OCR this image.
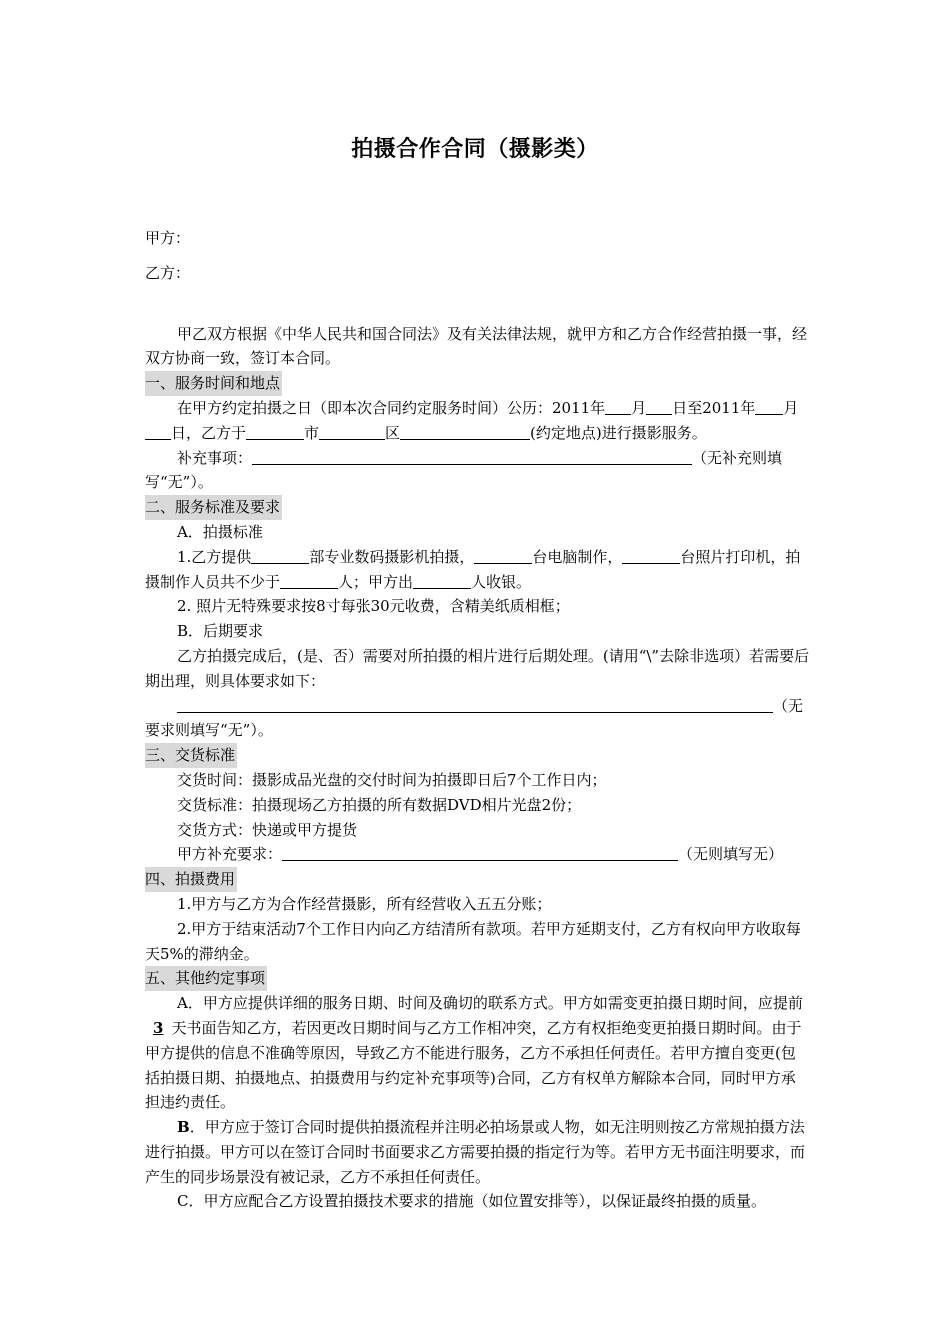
拍摄合作合同（摄影类）

甲方：

乙方：

甲乙双方根据《中华人民共和国合同法》及有关法律法规，就甲方和乙方合作经营拍摄一事，经双方协商一致，签订本合同。

一、服务时间和地点

在甲方约定拍摄之日（即本次合同约定服务时间）公历：2011年 月 日至2011年 月日，乙方于	市	区	(约定地点)进行摄影服务。

补充事项：	（无补充则填写“无”）。

二、服务标准及要求

A．拍摄标准

1.乙方提供	部专业数码摄影机拍摄，	台电脑制作，	台照片打印机，拍摄制作人员共不少于	人；甲方出	人收银。

2. 照片无特殊要求按8寸每张30元收费，含精美纸质相框；

B．后期要求

乙方拍摄完成后，(是、否）需要对所拍摄的相片进行后期处理。(请用“\”去除非选项）若需要后期出理，则具体要求如下：

（无要求则填写“无”）。

三、交货标准

交货时间：摄影成品光盘的交付时间为拍摄即日后7个工作日内；

交货标准：拍摄现场乙方拍摄的所有数据DVD相片光盘2份；

交货方式：快递或甲方提货

甲方补充要求：	（无则填写无）

四、拍摄费用

1.甲方与乙方为合作经营摄影，所有经营收入五五分账；

2.甲方于结束活动7个工作日内向乙方结清所有款项。若甲方延期支付，乙方有权向甲方收取每天5%的滞纳金。

五、其他约定事项

A．甲方应提供详细的服务日期、时间及确切的联系方式。甲方如需变更拍摄日期时间，应提前3 天书面告知乙方，若因更改日期时间与乙方工作相冲突，乙方有权拒绝变更拍摄日期时间。由于甲方提供的信息不准确等原因，导致乙方不能进行服务，乙方不承担任何责任。若甲方擅自变更(包括拍摄日期、拍摄地点、拍摄费用与约定补充事项等)合同，乙方有权单方解除本合同，同时甲方承担违约责任。

B．甲方应于签订合同时提供拍摄流程并注明必拍场景或人物，如无注明则按乙方常规拍摄方法进行拍摄。甲方可以在签订合同时书面要求乙方需要拍摄的指定行为等。若甲方无书面注明要求，而产生的同步场景没有被记录，乙方不承担任何责任。

C．甲方应配合乙方设置拍摄技术要求的措施（如位置安排等），以保证最终拍摄的质量。
